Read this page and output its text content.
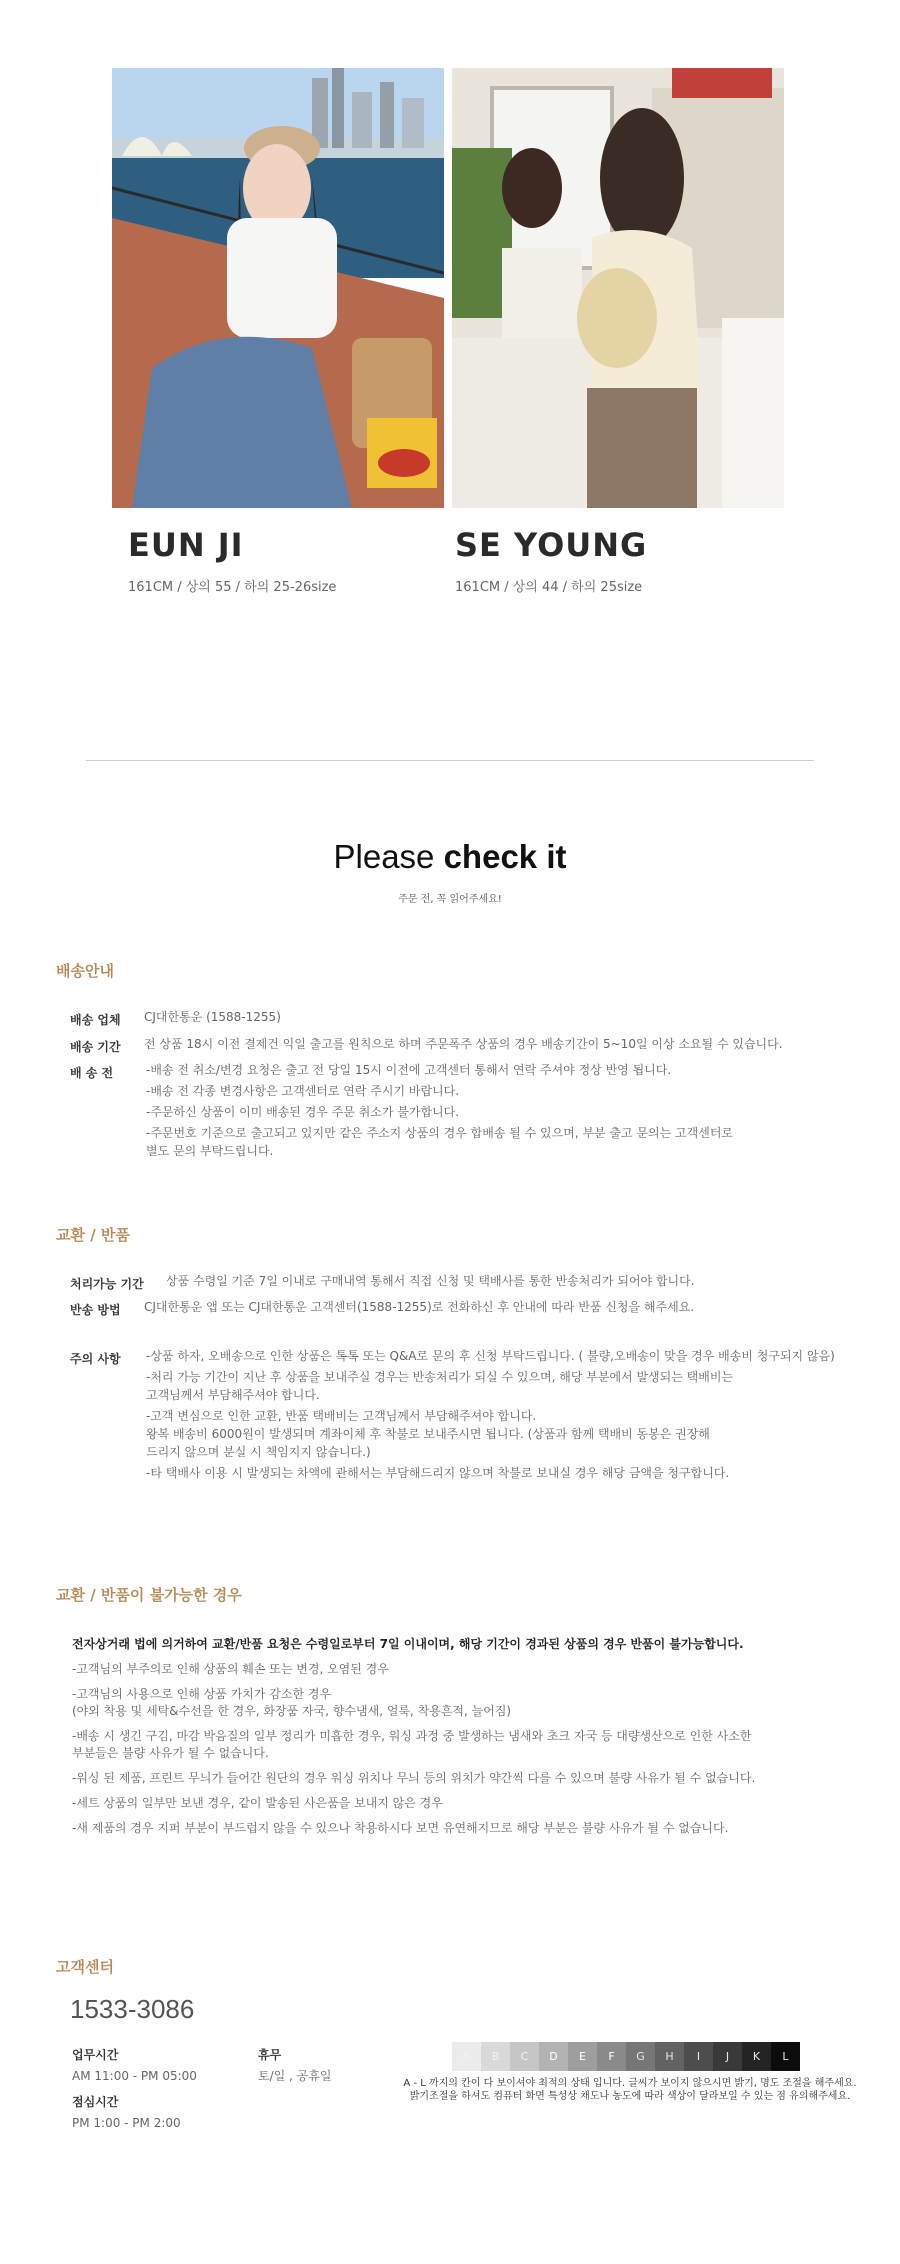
EUN JI
161CM / 상의 55 / 하의 25-26size
SE YOUNG
161CM / 상의 44 / 하의 25size
Please check it
주문 전, 꼭 읽어주세요!
배송안내
배송 업체 CJ대한통운 (1588-1255)
배송 기간 전 상품 18시 이전 결제건 익일 출고를 원칙으로 하며 주문폭주 상품의 경우 배송기간이 5~10일 이상 소요될 수 있습니다.
배 송 전	-배송 전 취소/변경 요청은 출고 전 당일 15시 이전에 고객센터 통해서 연락 주셔야 정상 반영 됩니다.
-배송 전 각종 변경사항은 고객센터로 연락 주시기 바랍니다.
-주문하신 상품이 이미 배송된 경우 주문 취소가 불가합니다.
-주문번호 기준으로 출고되고 있지만 같은 주소지 상품의 경우 합배송 될 수 있으며, 부분 출고 문의는 고객센터로
별도 문의 부탁드립니다.
교환 / 반품
처리가능 기간 상품 수령일 기준 7일 이내로 구매내역 통해서 직접 신청 및 택배사를 통한 반송처리가 되어야 합니다.
반송 방법 CJ대한통운 앱 또는 CJ대한통운 고객센터(1588-1255)로 전화하신 후 안내에 따라 반품 신청을 해주세요.
주의 사항 -상품 하자, 오배송으로 인한 상품은 톡톡 또는 Q&A로 문의 후 신청 부탁드립니다. ( 불량,오배송이 맞을 경우 배송비 청구되지 않음)
-처리 가능 기간이 지난 후 상품을 보내주실 경우는 반송처리가 되실 수 있으며, 해당 부분에서 발생되는 택배비는
고객님께서 부담해주셔야 합니다.
-고객 변심으로 인한 교환, 반품 택배비는 고객님께서 부담해주셔야 합니다.
왕복 배송비 6000원이 발생되며 계좌이체 후 착불로 보내주시면 됩니다. (상품과 함께 택배비 동봉은 권장해
드리지 않으며 분실 시 책임지지 않습니다.)
-타 택배사 이용 시 발생되는 차액에 관해서는 부담해드리지 않으며 착불로 보내실 경우 해당 금액을 청구합니다.
교환 / 반품이 불가능한 경우
전자상거래 법에 의거하여 교환/반품 요청은 수령일로부터 7일 이내이며, 해당 기간이 경과된 상품의 경우 반품이 불가능합니다.
-고객님의 부주의로 인해 상품의 훼손 또는 변경, 오염된 경우
-고객님의 사용으로 인해 상품 가치가 감소한 경우
(야외 착용 및 세탁&수선을 한 경우, 화장품 자국, 향수냄새, 얼룩, 착용흔적, 늘어짐)
-배송 시 생긴 구김, 마감 박음질의 일부 정리가 미흡한 경우, 워싱 과정 중 발생하는 냄새와 초크 자국 등 대량생산으로 인한 사소한
부분들은 불량 사유가 될 수 없습니다.
-워싱 된 제품, 프린트 무늬가 들어간 원단의 경우 워싱 위치나 무늬 등의 위치가 약간씩 다를 수 있으며 불량 사유가 될 수 없습니다.
-세트 상품의 일부만 보낸 경우, 같이 발송된 사은품을 보내지 않은 경우
-새 제품의 경우 지퍼 부분이 부드럽지 않을 수 있으나 착용하시다 보면 유연해지므로 해당 부분은 불량 사유가 될 수 없습니다.
고객센터
1533-3086
업무시간
AM 11:00 - PM 05:00
점심시간
PM 1:00 - PM 2:00
휴무
토/일 , 공휴일
A	B	C	D	E	F	G	H	I	J	K	L
A - L 까지의 칸이 다 보이셔야 최적의 상태 입니다. 글씨가 보이지 않으시면 밝기, 명도 조절을 해주세요.
밝기조절을 하셔도 컴퓨터 화면 특성상 채도나 농도에 따라 색상이 달라보일 수 있는 점 유의해주세요.
